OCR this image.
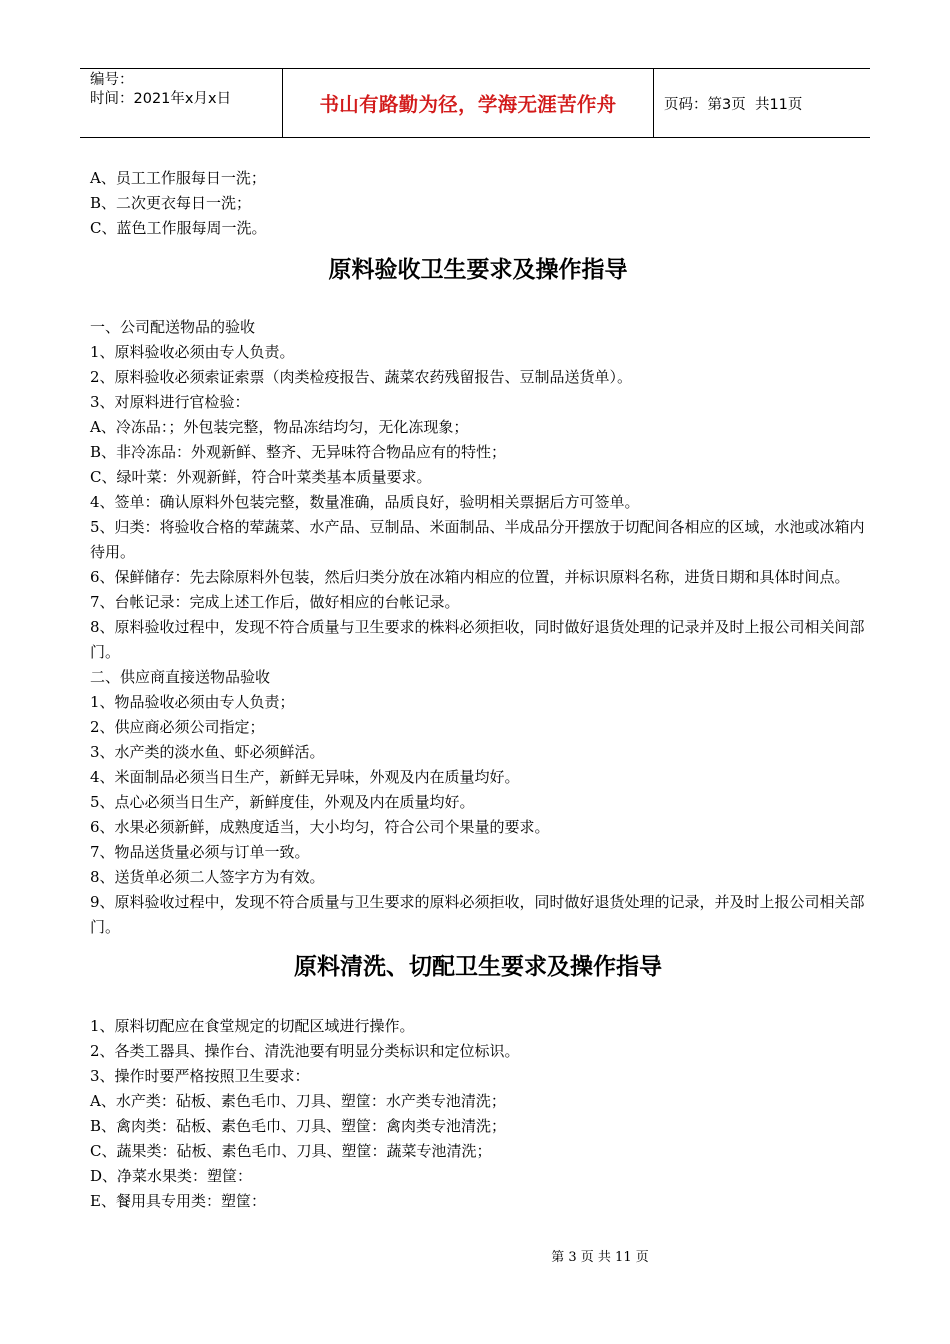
编号：
时间：2021年x月x日	书山有路勤为径，学海无涯苦作舟	页码：第3页  共11页

A、员工工作服每日一洗；

B、二次更衣每日一洗；

C、蓝色工作服每周一洗。

原料验收卫生要求及操作指导

一、公司配送物品的验收

1、原料验收必须由专人负责。

2、原料验收必须索证索票（肉类检疫报告、蔬菜农药残留报告、豆制品送货单）。

3、对原料进行官检验：

A、冷冻品：；外包装完整，物品冻结均匀，无化冻现象；

B、非冷冻品：外观新鲜、整齐、无异味符合物品应有的特性；

C、绿叶菜：外观新鲜，符合叶菜类基本质量要求。

4、签单：确认原料外包装完整，数量准确，品质良好，验明相关票据后方可签单。

5、归类：将验收合格的荤蔬菜、水产品、豆制品、米面制品、半成品分开摆放于切配间各相应的区域，水池或冰箱内待用。

6、保鲜储存：先去除原料外包装，然后归类分放在冰箱内相应的位置，并标识原料名称，进货日期和具体时间点。

7、台帐记录：完成上述工作后，做好相应的台帐记录。

8、原料验收过程中，发现不符合质量与卫生要求的株料必须拒收，同时做好退货处理的记录并及时上报公司相关间部门。

二、供应商直接送物品验收

1、物品验收必须由专人负责；

2、供应商必须公司指定；

3、水产类的淡水鱼、虾必须鲜活。

4、米面制品必须当日生产，新鲜无异味，外观及内在质量均好。

5、点心必须当日生产，新鲜度佳，外观及内在质量均好。

6、水果必须新鲜，成熟度适当，大小均匀，符合公司个果量的要求。

7、物品送货量必须与订单一致。

8、送货单必须二人签字方为有效。

9、原料验收过程中，发现不符合质量与卫生要求的原料必须拒收，同时做好退货处理的记录，并及时上报公司相关部门。

原料清洗、切配卫生要求及操作指导

1、原料切配应在食堂规定的切配区域进行操作。

2、各类工器具、操作台、清洗池要有明显分类标识和定位标识。

3、操作时要严格按照卫生要求：

A、水产类：砧板、素色毛巾、刀具、塑筐：水产类专池清洗；

B、禽肉类：砧板、素色毛巾、刀具、塑筐：禽肉类专池清洗；

C、蔬果类：砧板、素色毛巾、刀具、塑筐：蔬菜专池清洗；

D、净菜水果类：塑筐：

E、餐用具专用类：塑筐：

第 3 页 共 11 页
